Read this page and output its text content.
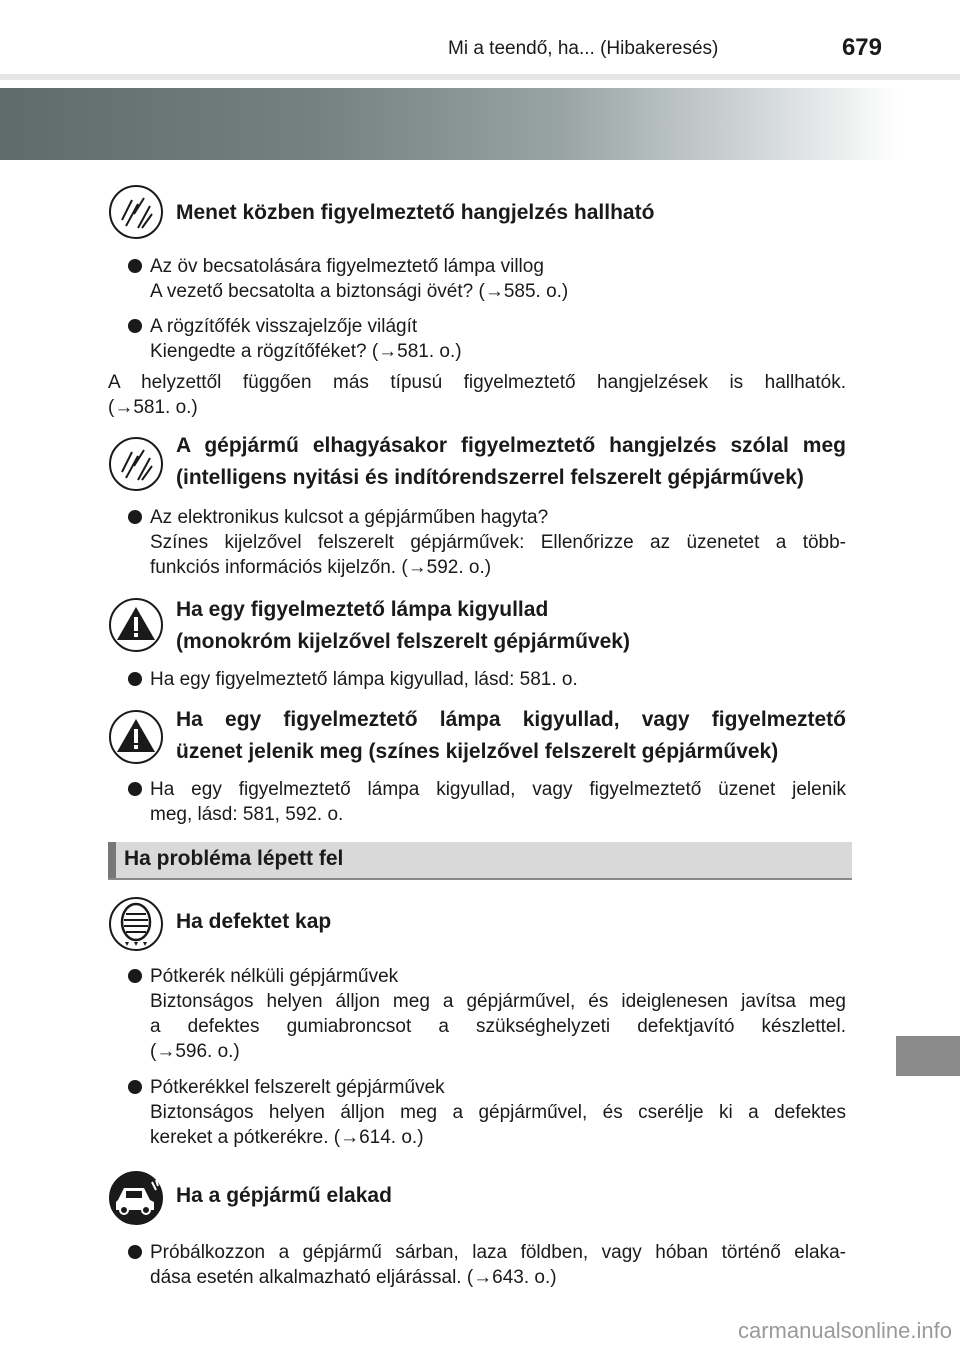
Mi a teendő, ha... (Hibakeresés)	679
Menet közben figyelmeztető hangjelzés hallható
Az öv becsatolására figyelmeztető lámpa villog
A vezető becsatolta a biztonsági övét? (→585. o.)
A rögzítőfék visszajelzője világít
Kiengedte a rögzítőféket? (→581. o.)
A helyzettől függően más típusú figyelmeztető hangjelzések is hallhatók.
(→581. o.)
A gépjármű elhagyásakor figyelmeztető hangjelzés szólal meg
(intelligens nyitási és indítórendszerrel felszerelt gépjárművek)
Az elektronikus kulcsot a gépjárműben hagyta?
Színes kijelzővel felszerelt gépjárművek: Ellenőrizze az üzenetet a több-
funkciós információs kijelzőn. (→592. o.)
Ha egy figyelmeztető lámpa kigyullad
(monokróm kijelzővel felszerelt gépjárművek)
Ha egy figyelmeztető lámpa kigyullad, lásd: 581. o.
Ha egy figyelmeztető lámpa kigyullad, vagy figyelmeztető
üzenet jelenik meg (színes kijelzővel felszerelt gépjárművek)
Ha egy figyelmeztető lámpa kigyullad, vagy figyelmeztető üzenet jelenik
meg, lásd: 581, 592. o.
Ha probléma lépett fel
Ha defektet kap
Pótkerék nélküli gépjárművek
Biztonságos helyen álljon meg a gépjárművel, és ideiglenesen javítsa meg
a defektes gumiabroncsot a szükséghelyzeti defektjavító készlettel.
(→596. o.)
Pótkerékkel felszerelt gépjárművek
Biztonságos helyen álljon meg a gépjárművel, és cserélje ki a defektes
kereket a pótkerékre. (→614. o.)
Ha a gépjármű elakad
Próbálkozzon a gépjármű sárban, laza földben, vagy hóban történő elaka-
dása esetén alkalmazható eljárással. (→643. o.)
carmanualsonline.info
